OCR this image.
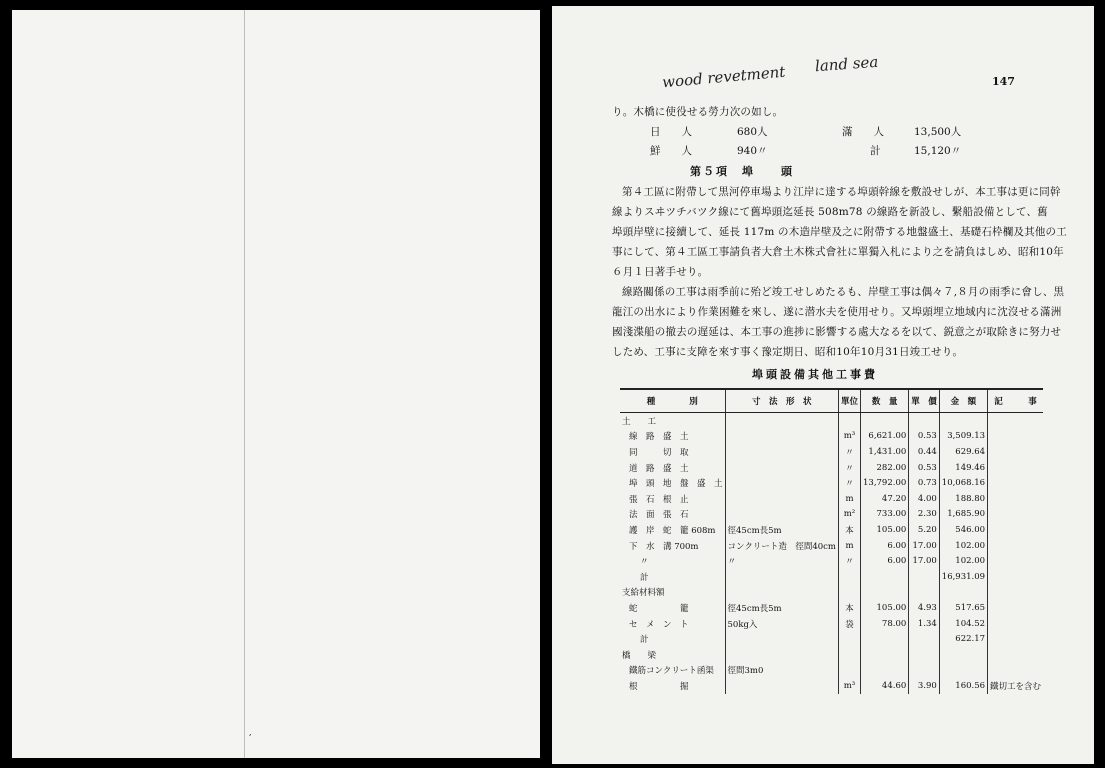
,
wood revetment land sea
147
り。木橋に使役せる勞力次の如し。
日　　人	680人	滿　　人	13,500人
鮮　　人	940〃	計	15,120〃
第５項　埠　　頭
第４工區に附帶して黒河停車場より江岸に達する埠頭幹線を敷設せしが、本工事は更に同幹
線よりスヰツチバツク線にて舊埠頭迄延長 508m78 の線路を新設し、繫船設備として、舊
埠頭岸壁に接續して、延長 117m の木造岸壁及之に附帶する地盤盛土、基礎石枠欄及其他の工
事にして、第４工區工事請負者大倉土木株式會社に單獨入札により之を請負はしめ、昭和10年
６月１日著手せり。
線路關係の工事は雨季前に殆ど竣工せしめたるも、岸壁工事は偶々７,８月の雨季に會し、黒
龍江の出水により作業困難を來し、遂に潜水夫を使用せり。又埠頭埋立地域内に沈沒せる滿洲
國淺渫船の撤去の遅延は、本工事の進捗に影響する處大なるを以て、鋭意之が取除きに努力せ
しため、工事に支障を來す事く豫定期日、昭和10年10月31日竣工せり。
埠頭設備其他工事費
種　　　　別	寸　法　形　状	單位	数　量	單　價	金　額	記　　　事
土　　工						
線　路　盛　土		m³	6,621.00	0.53	3,509.13	
同　　　切　取		〃	1,431.00	0.44	629.64	
道　路　盛　土		〃	282.00	0.53	149.46	
埠　頭　地　盤　盛　土		〃	13,792.00	0.73	10,068.16	
張　石　根　止		m	47.20	4.00	188.80	
法　面　張　石		m²	733.00	2.30	1,685.90	
護　岸　蛇　籠 608m	徑45cm長5m	本	105.00	5.20	546.00	
下　水　溝 700m	コンクリート造　徑間40cm	m	6.00	17.00	102.00	
〃	〃	〃	6.00	17.00	102.00	
計					16,931.09	
支給材料額						
蛇　　　　　籠	徑45cm長5m	本	105.00	4.93	517.65	
セ　メ　ン　ト	50kg入	袋	78.00	1.34	104.52	
計					622.17	
橋　　梁						
鐵筋コンクリート函渠	徑間3m0					
根　　　　　掘		m³	44.60	3.90	160.56	鐵切工を含む
